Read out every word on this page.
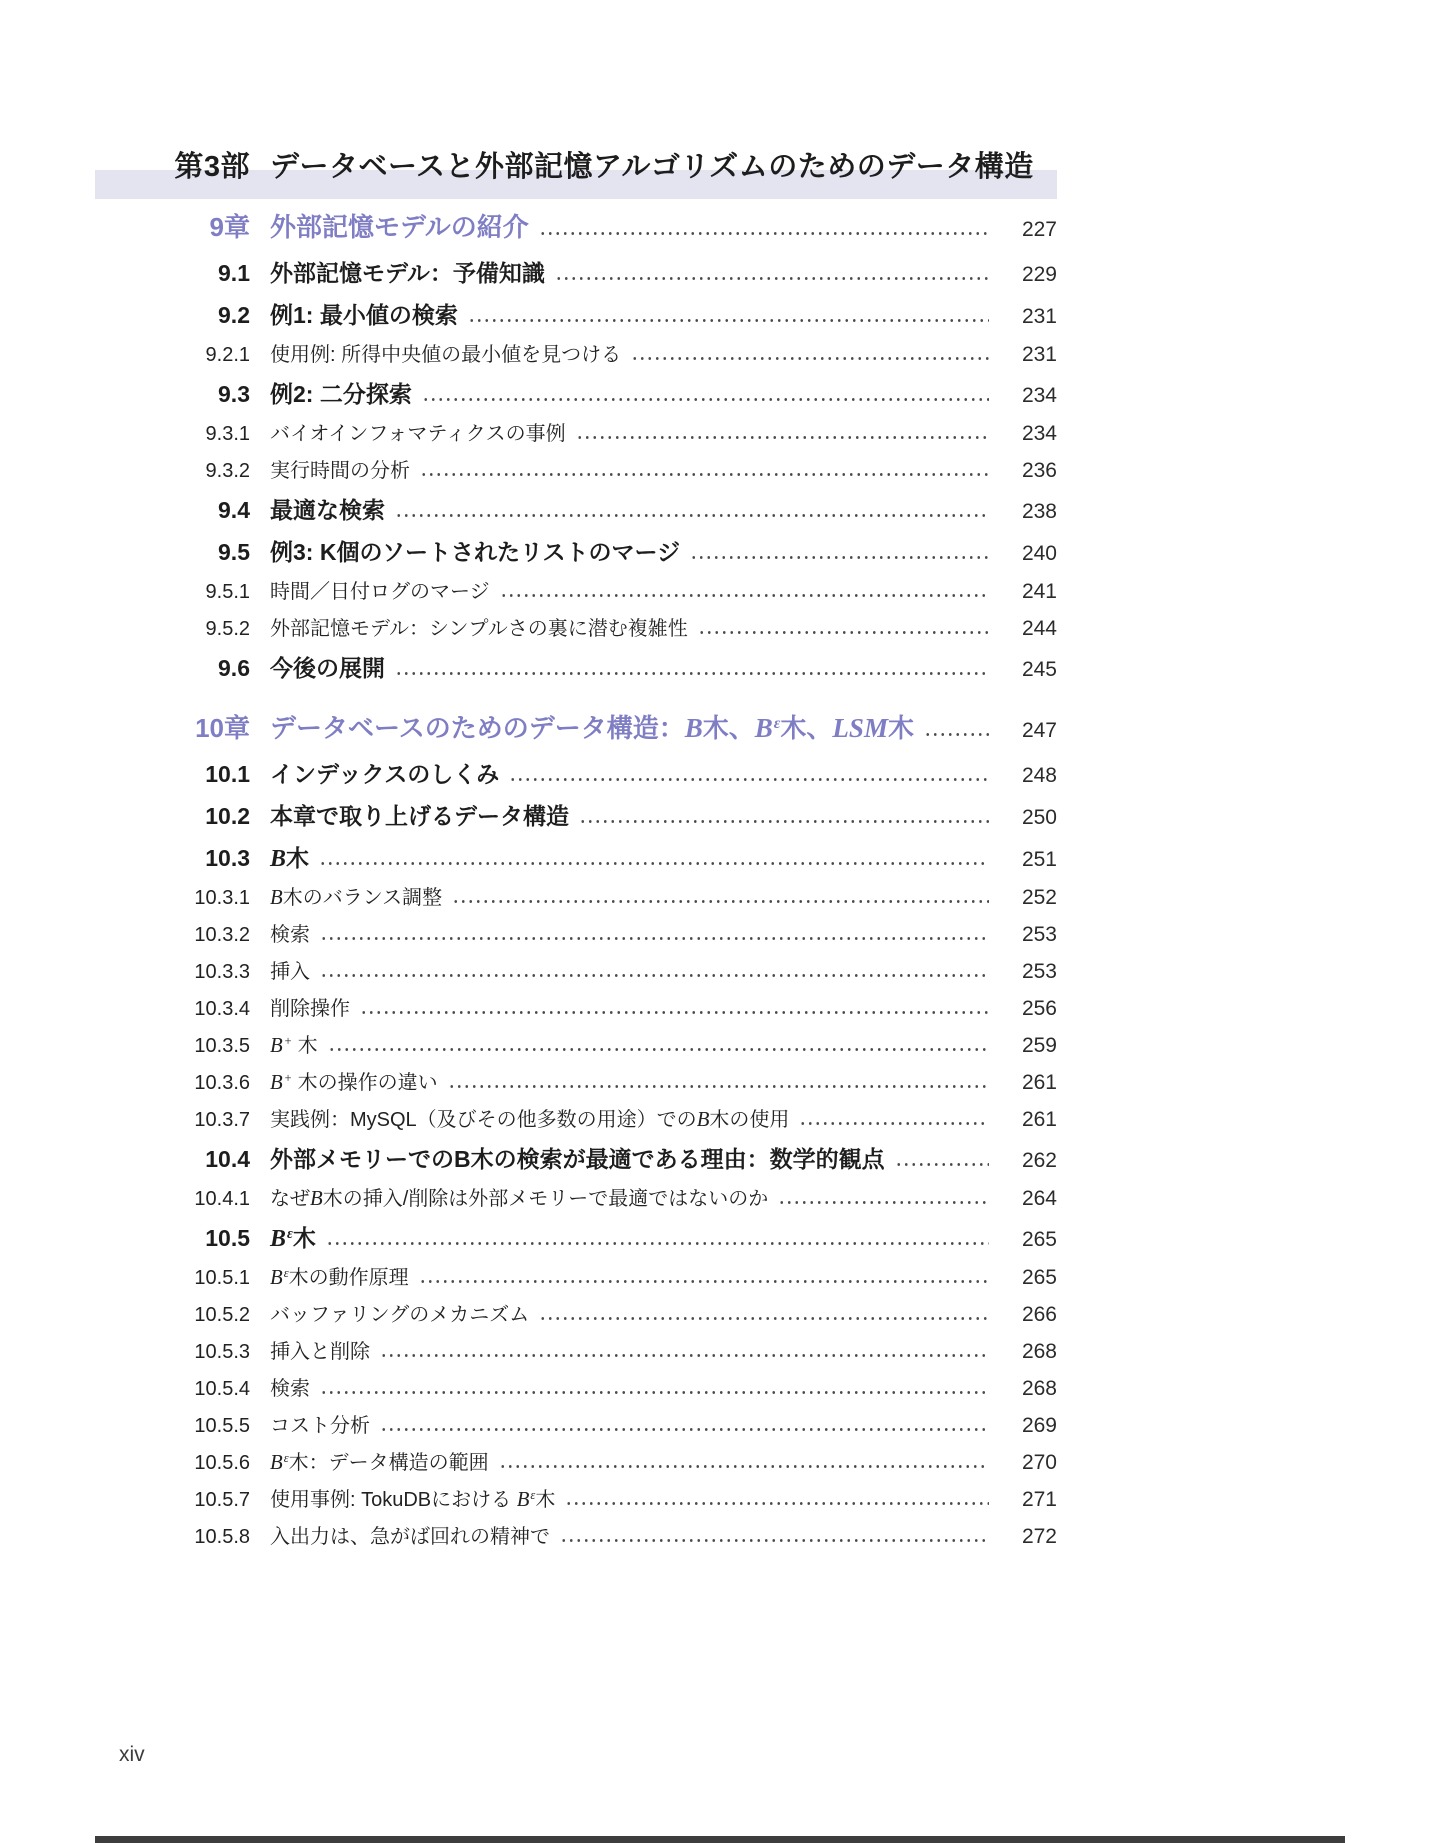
第3部 データベースと外部記憶アルゴリズムのためのデータ構造
9章 外部記憶モデルの紹介	227
9.1 外部記憶モデル：予備知識	229
9.2 例1: 最小値の検索	231
9.2.1	使用例: 所得中央値の最小値を見つける	231
9.3 例2: 二分探索	234
9.3.1	バイオインフォマティクスの事例	234
9.3.2	実行時間の分析	236
9.4 最適な検索	238
9.5 例3: K個のソートされたリストのマージ	240
9.5.1	時間／日付ログのマージ	241
9.5.2	外部記憶モデル：シンプルさの裏に潜む複雑性	244
9.6 今後の展開	245
10章 データベースのためのデータ構造：B木、$B^\varepsilon$木、LSM木	247
10.1 インデックスのしくみ	248
10.2 本章で取り上げるデータ構造	250
10.3 B木	251
10.3.1 B木のバランス調整	252
10.3.2	検索	253
10.3.3	挿入	253
10.3.4	削除操作	256
10.3.5 B+ 木	259
10.3.6 B+ 木の操作の違い	261
10.3.7	実践例：MySQL（及びその他多数の用途）でのB木の使用	261
10.4 外部メモリーでのB木の検索が最適である理由：数学的観点	262
10.4.1	なぜB木の挿入/削除は外部メモリーで最適ではないのか	264
10.5 $B^\varepsilon$木	265
10.5.1 $B^\varepsilon$木の動作原理	265
10.5.2	バッファリングのメカニズム	266
10.5.3	挿入と削除	268
10.5.4	検索	268
10.5.5	コスト分析	269
10.5.6 $B^\varepsilon$木：データ構造の範囲	270
10.5.7	使用事例: TokuDBにおける $B^\varepsilon$木	271
10.5.8	入出力は、急がば回れの精神で	272
xiv
